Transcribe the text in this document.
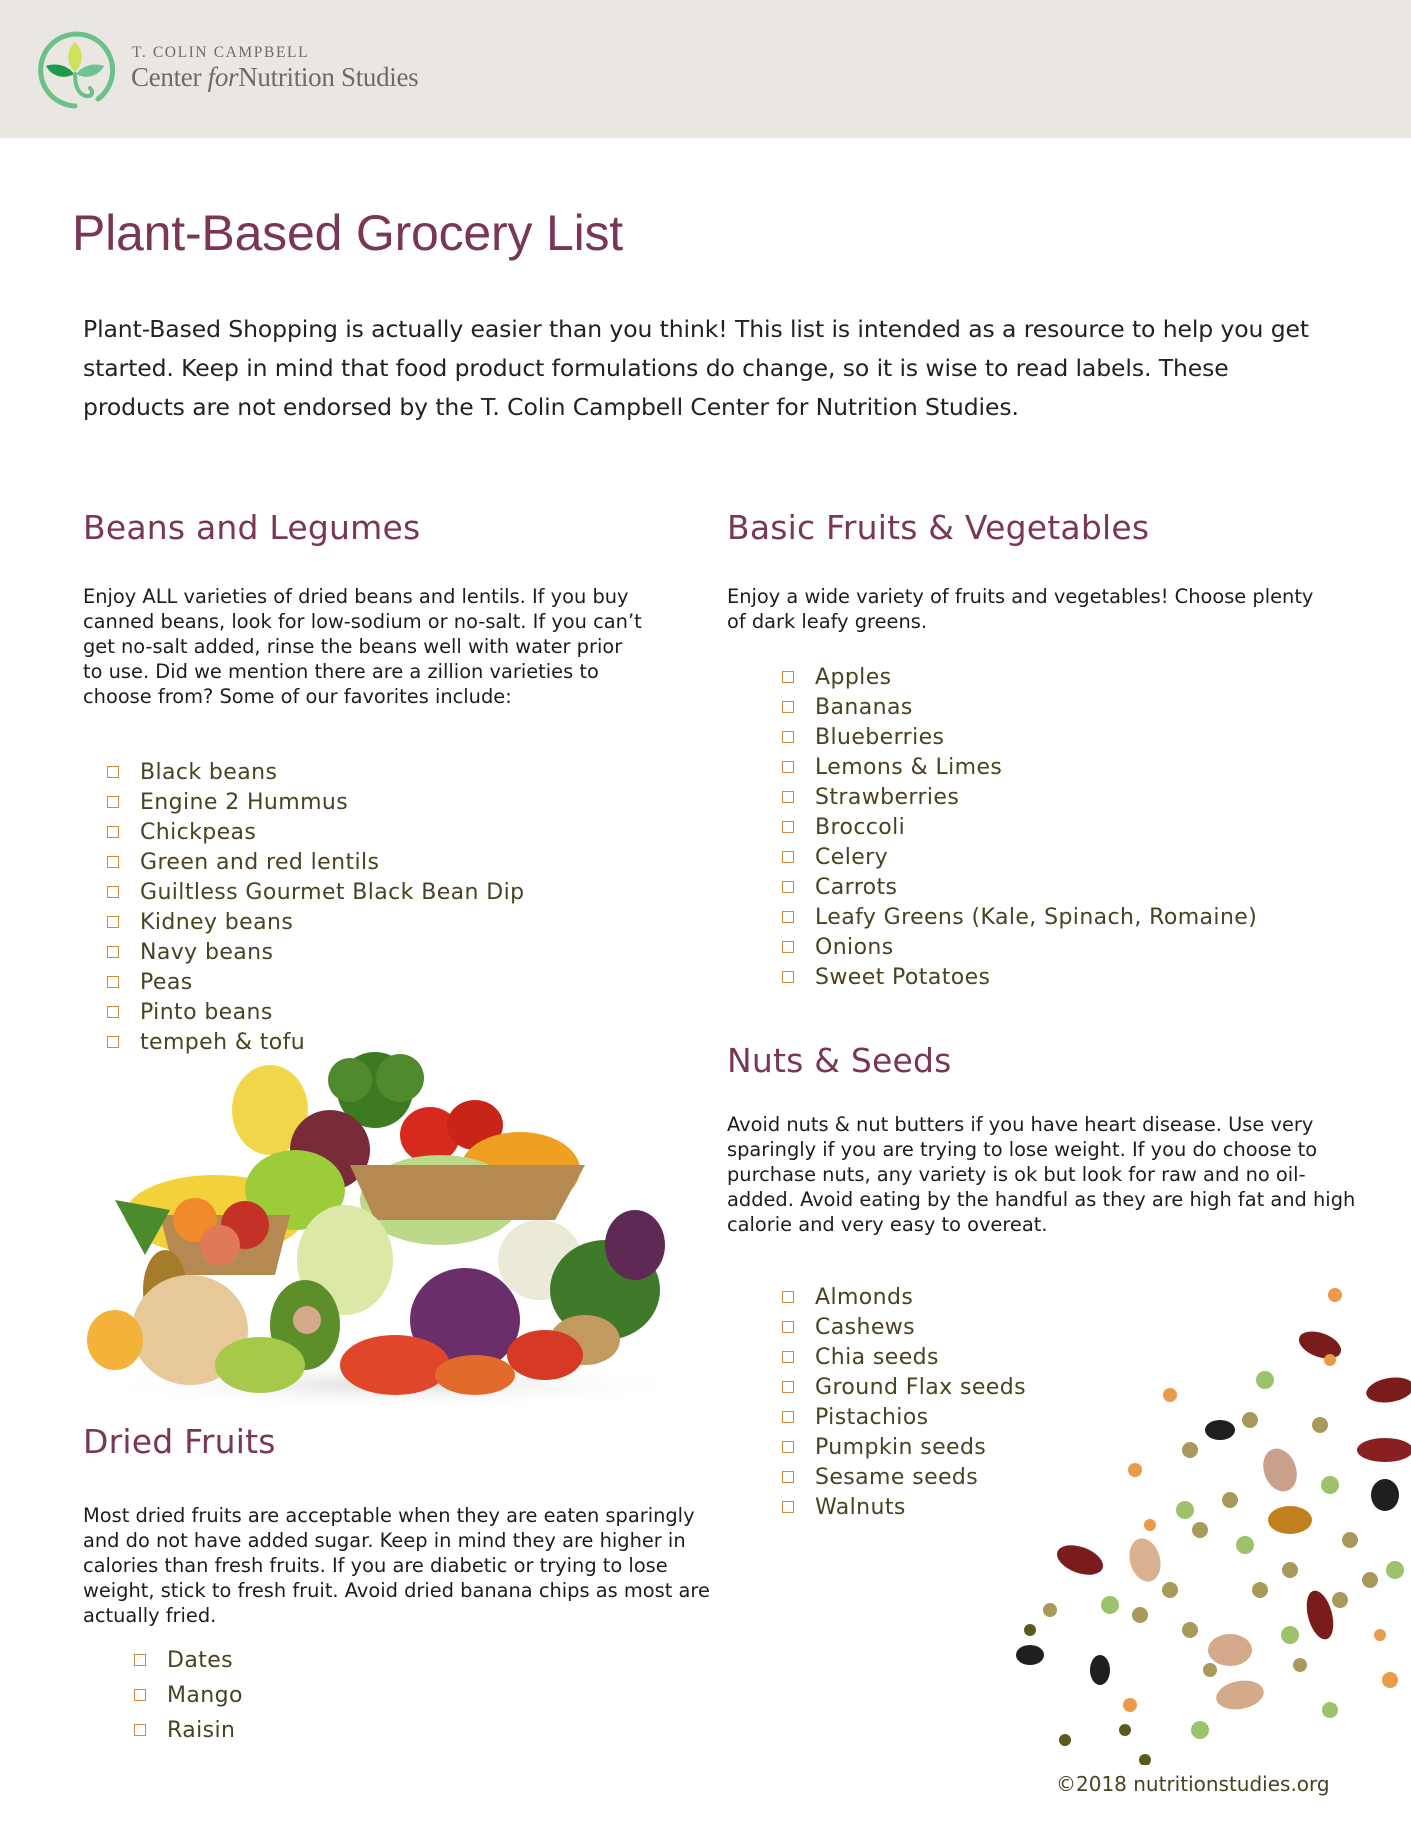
T. COLIN CAMPBELL
Center forNutrition Studies
Plant-Based Grocery List

Plant-Based Shopping is actually easier than you think! This list is intended as a resource to help you get started. Keep in mind that food product formulations do change, so it is wise to read labels. These products are not endorsed by the T. Colin Campbell Center for Nutrition Studies.

Beans and Legumes

Enjoy ALL varieties of dried beans and lentils. If you buy canned beans, look for low-sodium or no-salt. If you can’t get no-salt added, rinse the beans well with water prior to use. Did we mention there are a zillion varieties to choose from? Some of our favorites include:

Black beans
Engine 2 Hummus
Chickpeas
Green and red lentils
Guiltless Gourmet Black Bean Dip
Kidney beans
Navy beans
Peas
Pinto beans
tempeh & tofu
Basic Fruits & Vegetables

Enjoy a wide variety of fruits and vegetables! Choose plenty of dark leafy greens.

Apples
Bananas
Blueberries
Lemons & Limes
Strawberries
Broccoli
Celery
Carrots
Leafy Greens (Kale, Spinach, Romaine)
Onions
Sweet Potatoes
Nuts & Seeds

Avoid nuts & nut butters if you have heart disease. Use very sparingly if you are trying to lose weight. If you do choose to purchase nuts, any variety is ok but look for raw and no oil-added. Avoid eating by the handful as they are high fat and high calorie and very easy to overeat.

Almonds
Cashews
Chia seeds
Ground Flax seeds
Pistachios
Pumpkin seeds
Sesame seeds
Walnuts
Dried Fruits

Most dried fruits are acceptable when they are eaten sparingly and do not have added sugar. Keep in mind they are higher in calories than fresh fruits. If you are diabetic or trying to lose weight, stick to fresh fruit. Avoid dried banana chips as most are actually fried.

Dates
Mango
Raisin
©2018 nutritionstudies.org
